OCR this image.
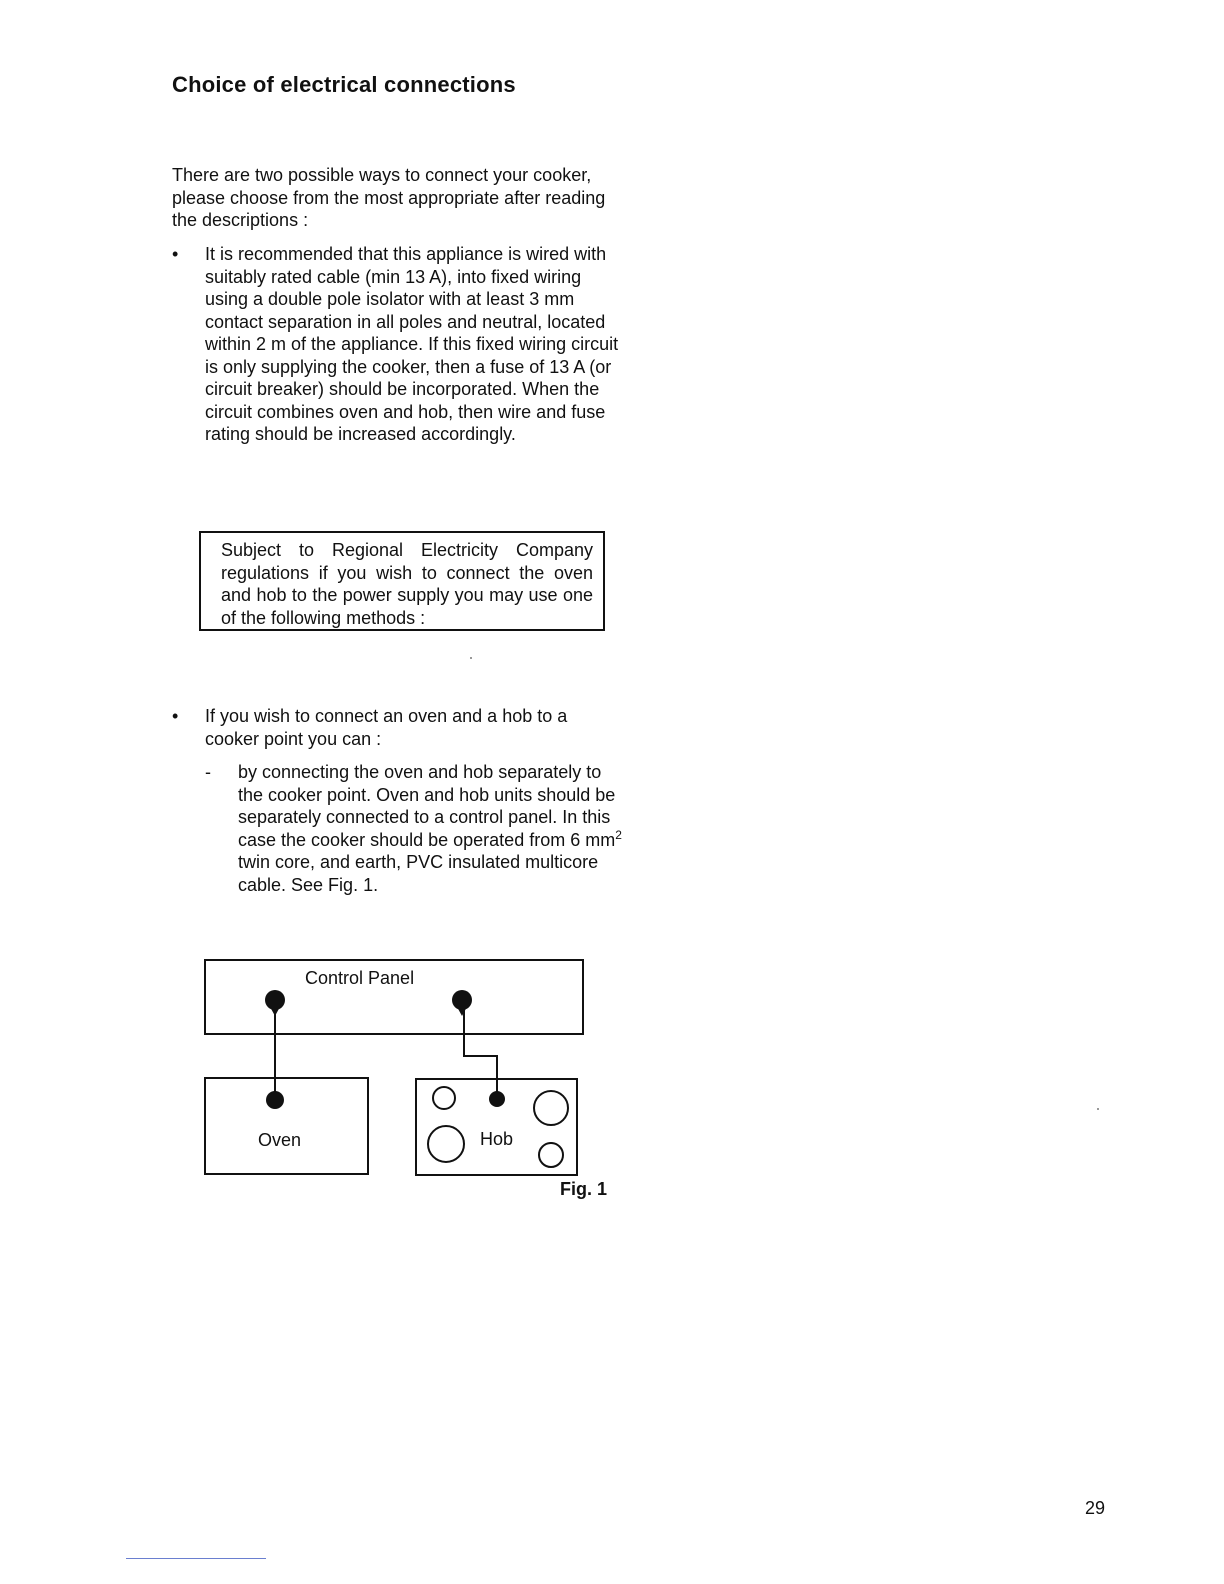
Choice of electrical connections

There are two possible ways to connect your cooker, please choose from the most appropriate after reading the descriptions :

•	It is recommended that this appliance is wired with suitably rated cable (min 13 A), into fixed wiring using a double pole isolator with at least 3 mm contact separation in all poles and neutral, located within 2 m of the appliance. If this fixed wiring circuit is only supplying the cooker, then a fuse of 13 A (or circuit breaker) should be incorporated. When the circuit combines oven and hob, then wire and fuse rating should be increased accordingly.
Subject to Regional Electricity Company regulations if you wish to connect the oven and hob to the power supply you may use one of the following methods :
•	If you wish to connect an oven and a hob to a cooker point you can :
- by connecting the oven and hob separately to the cooker point. Oven and hob units should be separately connected to a control panel. In this case the cooker should be operated from 6 $mm^2$ twin core, and earth, PVC insulated multicore cable. See Fig. 1.
Control Panel
Oven	Hob
Fig. 1
29
